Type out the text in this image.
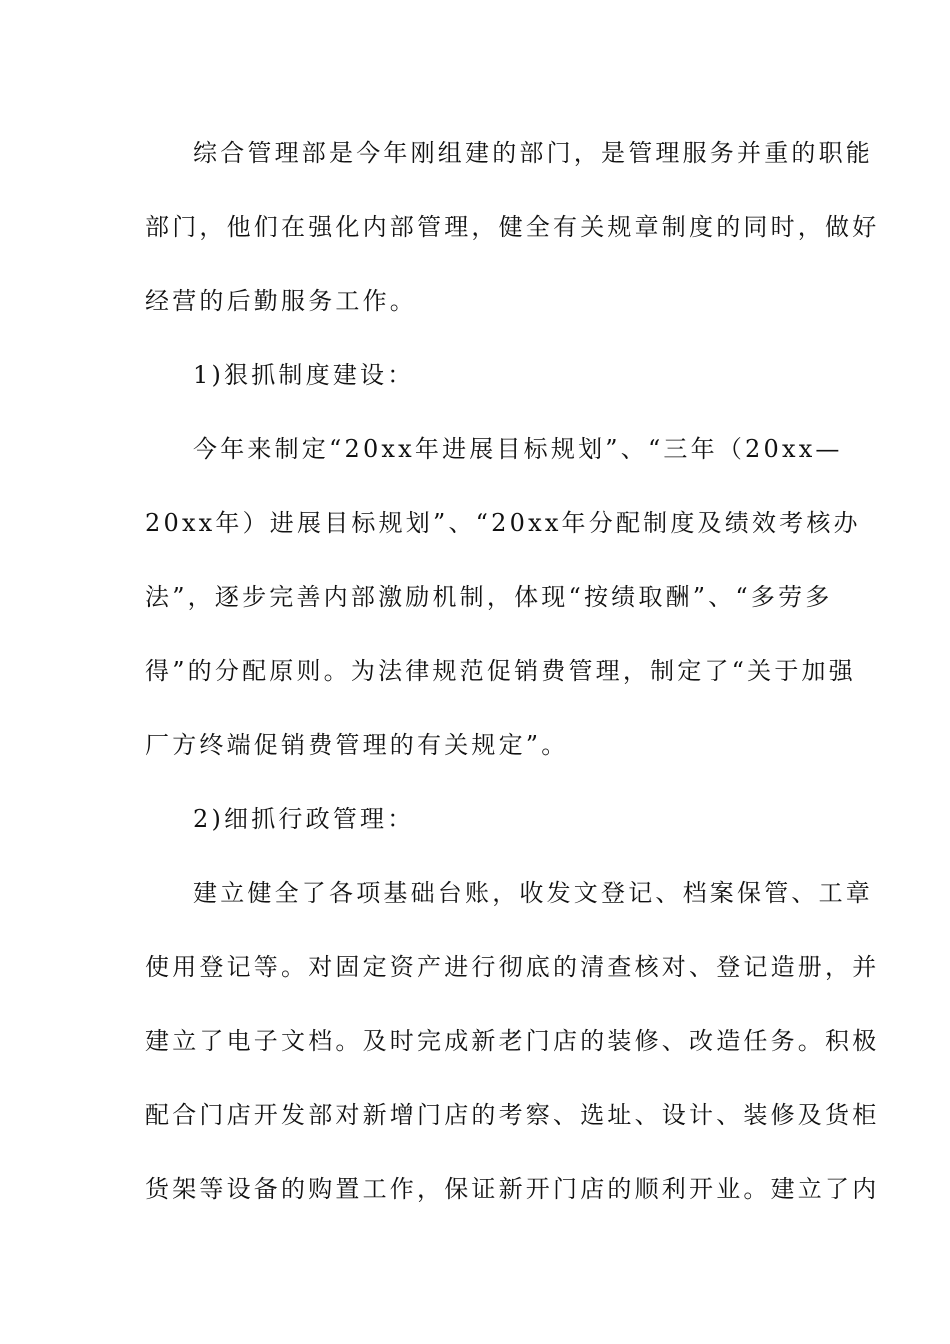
综合管理部是今年刚组建的部门，是管理服务并重的职能
部门，他们在强化内部管理，健全有关规章制度的同时，做好
经营的后勤服务工作。
1)狠抓制度建设：
今年来制定“20xx年进展目标规划”、“三年（20xx—
20xx年）进展目标规划”、“20xx年分配制度及绩效考核办
法”，逐步完善内部激励机制，体现“按绩取酬”、“多劳多
得”的分配原则。为法律规范促销费管理，制定了“关于加强
厂方终端促销费管理的有关规定”。
2)细抓行政管理：
建立健全了各项基础台账，收发文登记、档案保管、工章
使用登记等。对固定资产进行彻底的清查核对、登记造册，并
建立了电子文档。及时完成新老门店的装修、改造任务。积极
配合门店开发部对新增门店的考察、选址、设计、装修及货柜
货架等设备的购置工作，保证新开门店的顺利开业。建立了内
